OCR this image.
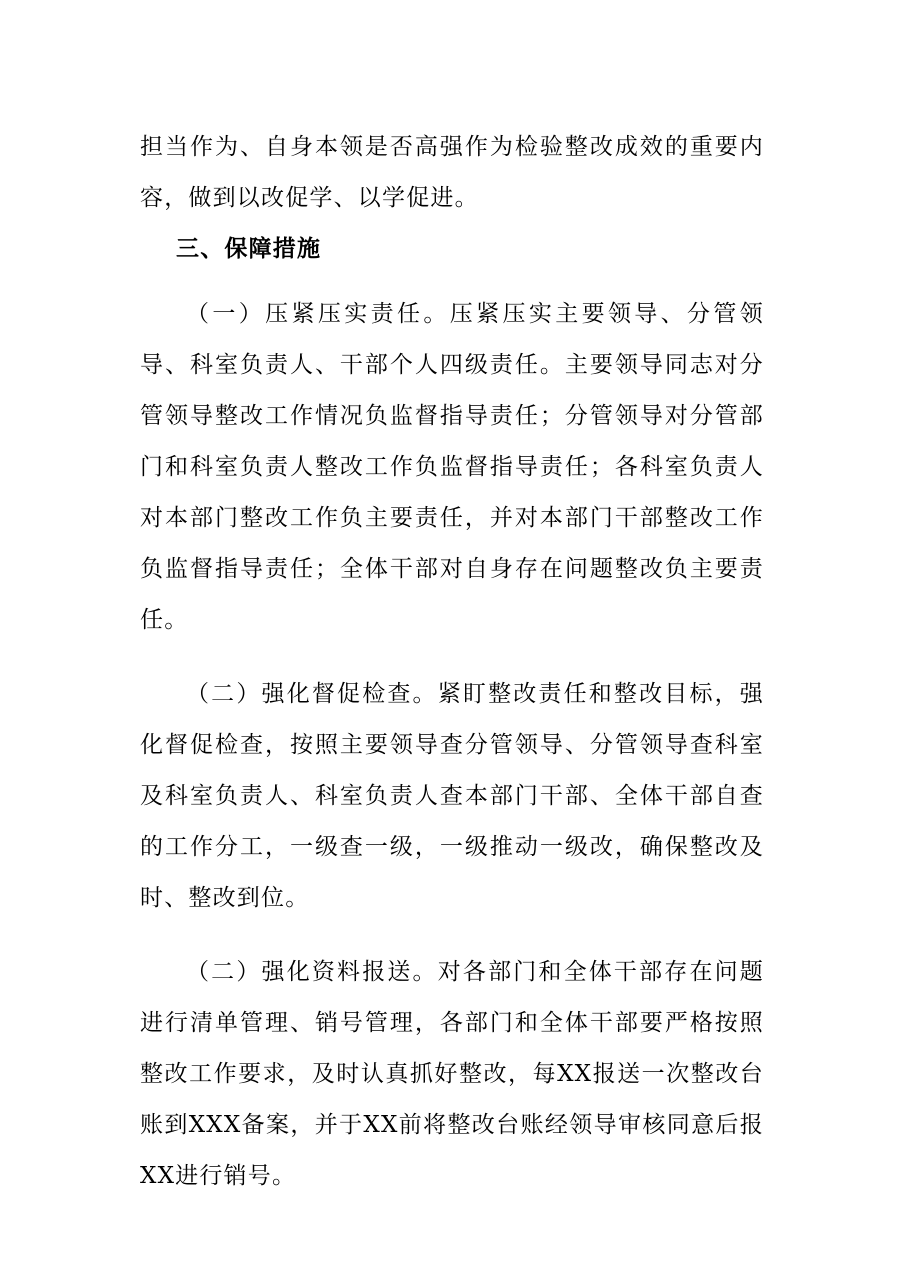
担当作为、自身本领是否高强作为检验整改成效的重要内容，做到以改促学、以学促进。

三、保障措施

（一）压紧压实责任。压紧压实主要领导、分管领导、科室负责人、干部个人四级责任。主要领导同志对分管领导整改工作情况负监督指导责任；分管领导对分管部门和科室负责人整改工作负监督指导责任；各科室负责人对本部门整改工作负主要责任，并对本部门干部整改工作负监督指导责任；全体干部对自身存在问题整改负主要责任。

（二）强化督促检查。紧盯整改责任和整改目标，强化督促检查，按照主要领导查分管领导、分管领导查科室及科室负责人、科室负责人查本部门干部、全体干部自查的工作分工，一级查一级，一级推动一级改，确保整改及时、整改到位。

（二）强化资料报送。对各部门和全体干部存在问题进行清单管理、销号管理，各部门和全体干部要严格按照整改工作要求，及时认真抓好整改，每XX报送一次整改台账到XXX备案，并于XX前将整改台账经领导审核同意后报XX进行销号。
